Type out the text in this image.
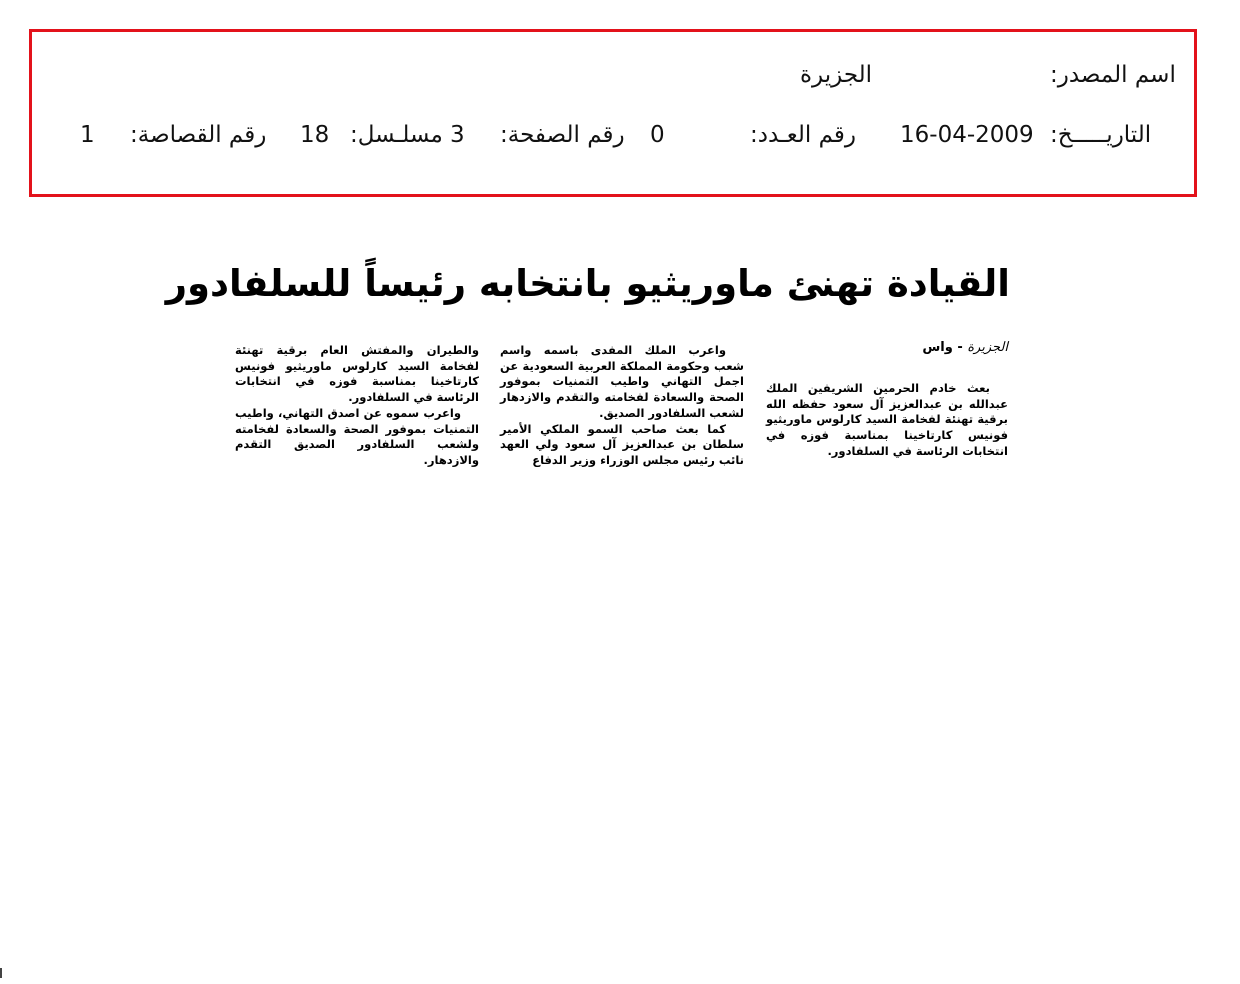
اسم المصدر:
الجزيرة
التاريـــــخ:
16-04-2009
رقم العـدد:
0
رقم الصفحة:
3
مسلـسل:
18
رقم القصاصة:
1
القيادة تهنئ ماوريثيو بانتخابه رئيساً للسلفادور
الجزيرة - واس

بعث خادم الحرمين الشريفين الملك عبدالله بن عبدالعزيز آل سعود حفظه الله برقية تهنئة لفخامة السيد كارلوس ماوريثيو فونيس كارتاخينا بمناسبة فوزه في انتخابات الرئاسة في السلفادور.

واعرب الملك المفدى باسمه واسم شعب وحكومة المملكة العربية السعودية عن اجمل التهاني واطيب التمنيات بموفور الصحة والسعادة لفخامته والتقدم والازدهار لشعب السلفادور الصديق.

كما بعث صاحب السمو الملكي الأمير سلطان بن عبدالعزيز آل سعود ولي العهد نائب رئيس مجلس الوزراء وزير الدفاع

والطيران والمفتش العام برقية تهنئة لفخامة السيد كارلوس ماوريثيو فونيس كارتاخينا بمناسبة فوزه في انتخابات الرئاسة في السلفادور.

واعرب سموه عن اصدق التهاني، واطيب التمنيات بموفور الصحة والسعادة لفخامته ولشعب السلفادور الصديق التقدم والازدهار.
